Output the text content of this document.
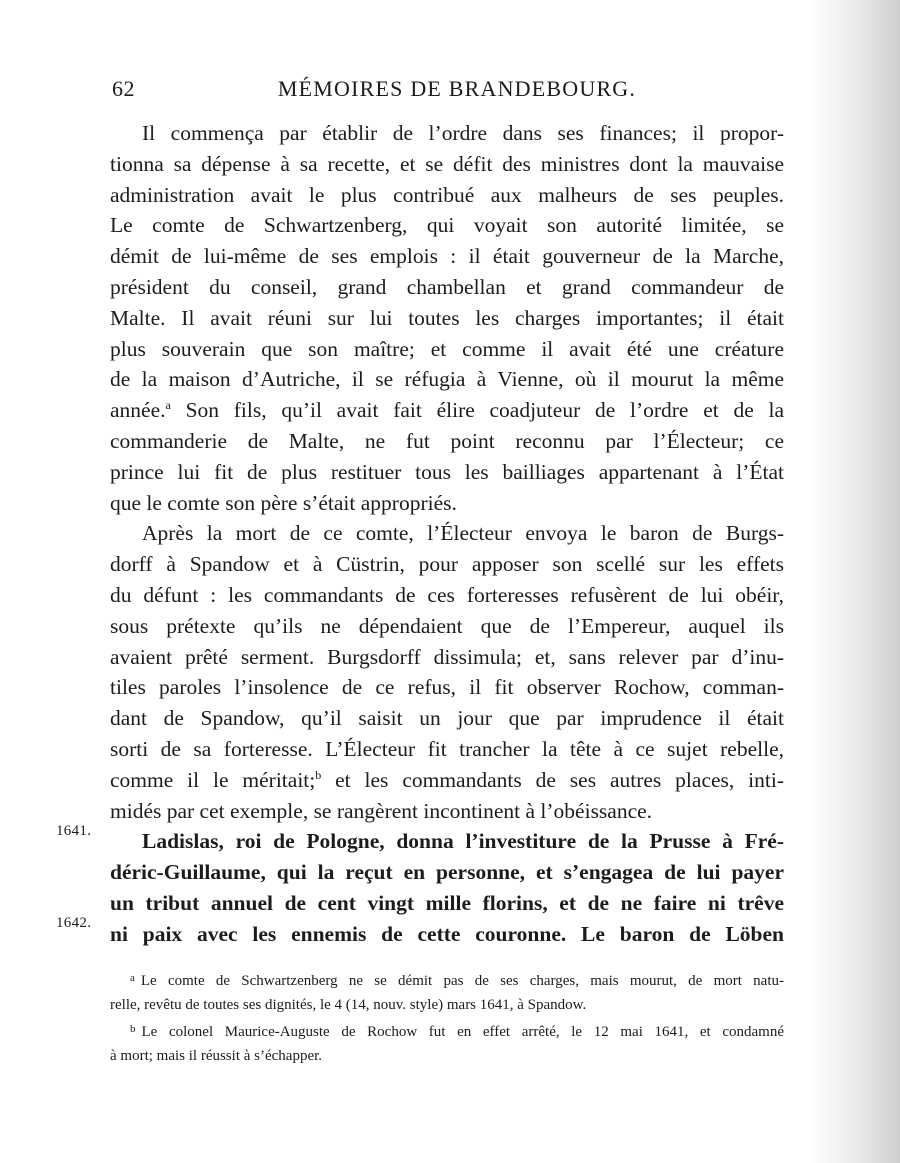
62	MÉMOIRES DE BRANDEBOURG.

Il commença par établir de l’ordre dans ses finances; il propor-
tionna sa dépense à sa recette, et se défit des ministres dont la mauvaise
administration avait le plus contribué aux malheurs de ses peuples.
Le comte de Schwartzenberg, qui voyait son autorité limitée, se
démit de lui-même de ses emplois : il était gouverneur de la Marche,
président du conseil, grand chambellan et grand commandeur de
Malte. Il avait réuni sur lui toutes les charges importantes; il était
plus souverain que son maître; et comme il avait été une créature
de la maison d’Autriche, il se réfugia à Vienne, où il mourut la même
année.$^a$ Son fils, qu’il avait fait élire coadjuteur de l’ordre et de la
commanderie de Malte, ne fut point reconnu par l’Électeur; ce
prince lui fit de plus restituer tous les bailliages appartenant à l’État
que le comte son père s’était appropriés.

Après la mort de ce comte, l’Électeur envoya le baron de Burgs-
dorff à Spandow et à Cüstrin, pour apposer son scellé sur les effets
du défunt : les commandants de ces forteresses refusèrent de lui obéir,
sous prétexte qu’ils ne dépendaient que de l’Empereur, auquel ils
avaient prêté serment. Burgsdorff dissimula; et, sans relever par d’inu-
tiles paroles l’insolence de ce refus, il fit observer Rochow, comman-
dant de Spandow, qu’il saisit un jour que par imprudence il était
sorti de sa forteresse. L’Électeur fit trancher la tête à ce sujet rebelle,
comme il le méritait;$^b$ et les commandants de ses autres places, inti-
midés par cet exemple, se rangèrent incontinent à l’obéissance.

Ladislas, roi de Pologne, donna l’investiture de la Prusse à Fré-
déric-Guillaume, qui la reçut en personne, et s’engagea de lui payer
un tribut annuel de cent vingt mille florins, et de ne faire ni trêve
ni paix avec les ennemis de cette couronne. Le baron de Löben

1641.
1642.
$^a$ Le comte de Schwartzenberg ne se démit pas de ses charges, mais mourut, de mort natu-
relle, revêtu de toutes ses dignités, le 4 (14, nouv. style) mars 1641, à Spandow.
$^b$ Le colonel Maurice-Auguste de Rochow fut en effet arrêté, le 12 mai 1641, et condamné
à mort; mais il réussit à s’échapper.
